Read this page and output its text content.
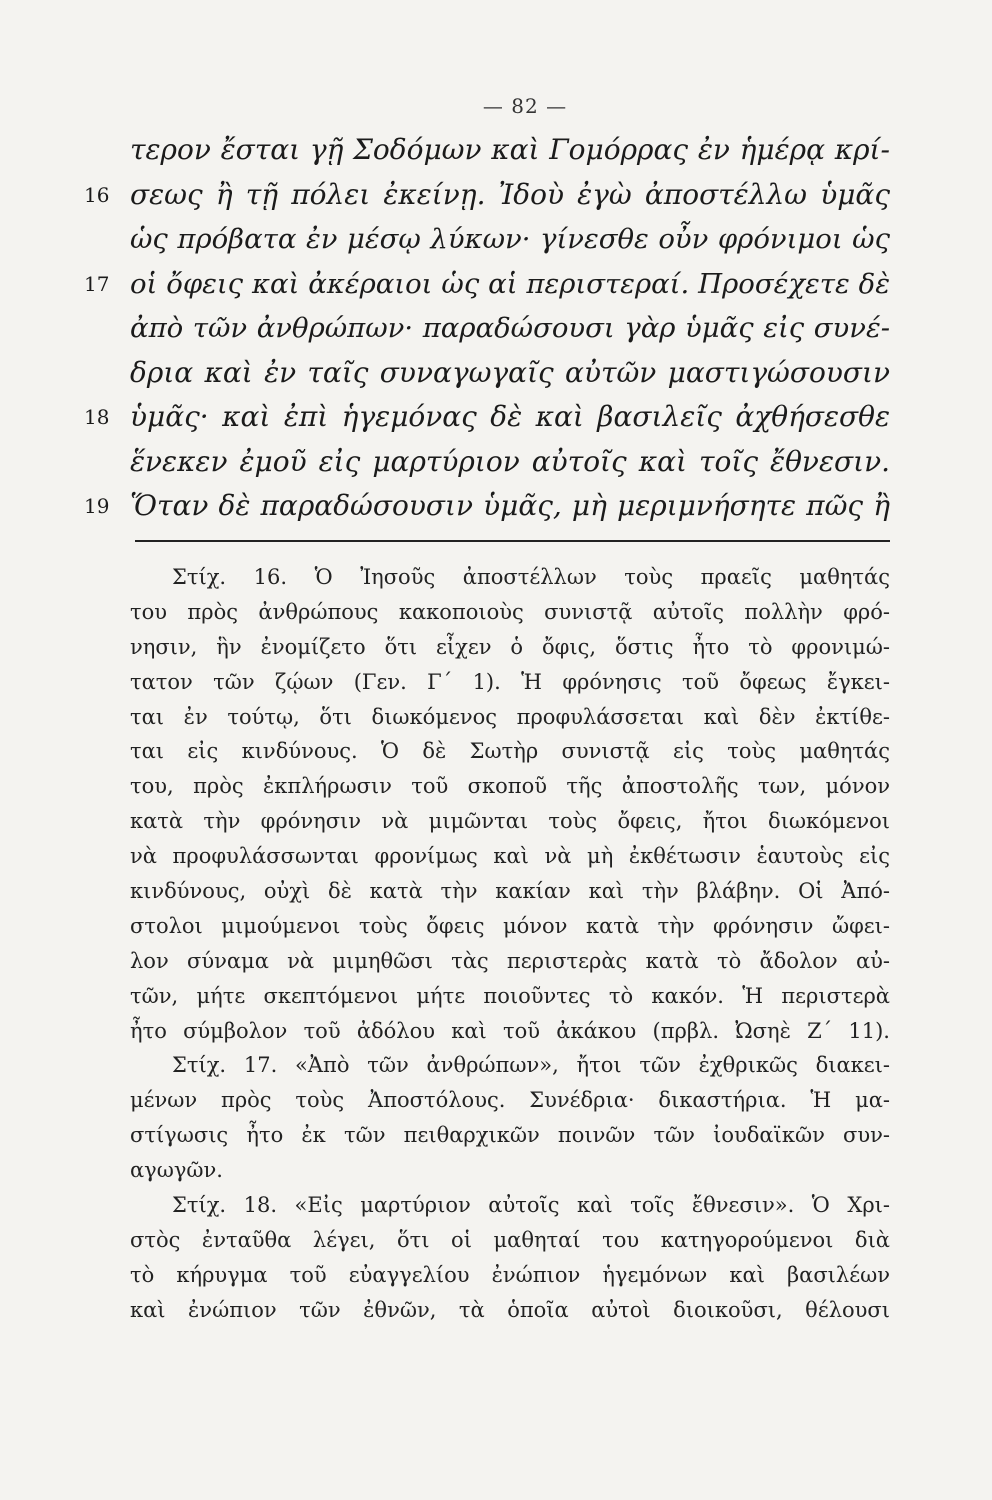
— 82 —
τερον ἔσται γῇ Σοδόμων καὶ Γομόρρας ἐν ἡμέρᾳ κρί-
16 σεως ἢ τῇ πόλει ἐκείνῃ. Ἰδοὺ ἐγὼ ἀποστέλλω ὑμᾶς
ὡς πρόβατα ἐν μέσῳ λύκων· γίνεσθε οὖν φρόνιμοι ὡς
17 οἱ ὄφεις καὶ ἀκέραιοι ὡς αἱ περιστεραί. Προσέχετε δὲ
ἀπὸ τῶν ἀνθρώπων· παραδώσουσι γὰρ ὑμᾶς εἰς συνέ-
δρια καὶ ἐν ταῖς συναγωγαῖς αὐτῶν μαστιγώσουσιν
18 ὑμᾶς· καὶ ἐπὶ ἡγεμόνας δὲ καὶ βασιλεῖς ἀχθήσεσθε
ἕνεκεν ἐμοῦ εἰς μαρτύριον αὐτοῖς καὶ τοῖς ἔθνεσιν.
19 Ὅταν δὲ παραδώσουσιν ὑμᾶς, μὴ μεριμνήσητε πῶς ἢ
Στίχ. 16. Ὁ Ἰησοῦς ἀποστέλλων τοὺς πραεῖς μαθητάς
του πρὸς ἀνθρώπους κακοποιοὺς συνιστᾷ αὐτοῖς πολλὴν φρό-
νησιν, ἣν ἐνομίζετο ὅτι εἶχεν ὁ ὄφις, ὅστις ἦτο τὸ φρονιμώ-
τατον τῶν ζῴων (Γεν. Γ´ 1). Ἡ φρόνησις τοῦ ὄφεως ἔγκει-
ται ἐν τούτῳ, ὅτι διωκόμενος προφυλάσσεται καὶ δὲν ἐκτίθε-
ται εἰς κινδύνους. Ὁ δὲ Σωτὴρ συνιστᾷ εἰς τοὺς μαθητάς
του, πρὸς ἐκπλήρωσιν τοῦ σκοποῦ τῆς ἀποστολῆς των, μόνον
κατὰ τὴν φρόνησιν νὰ μιμῶνται τοὺς ὄφεις, ἤτοι διωκόμενοι
νὰ προφυλάσσωνται φρονίμως καὶ νὰ μὴ ἐκθέτωσιν ἑαυτοὺς εἰς
κινδύνους, οὐχὶ δὲ κατὰ τὴν κακίαν καὶ τὴν βλάβην. Οἱ Ἀπό-
στολοι μιμούμενοι τοὺς ὄφεις μόνον κατὰ τὴν φρόνησιν ὤφει-
λον σύναμα νὰ μιμηθῶσι τὰς περιστερὰς κατὰ τὸ ἄδολον αὐ-
τῶν, μήτε σκεπτόμενοι μήτε ποιοῦντες τὸ κακόν. Ἡ περιστερὰ
ἦτο σύμβολον τοῦ ἀδόλου καὶ τοῦ ἀκάκου (πρβλ. Ὠσηὲ Ζ´ 11).
Στίχ. 17. «Ἀπὸ τῶν ἀνθρώπων», ἤτοι τῶν ἐχθρικῶς διακει-
μένων πρὸς τοὺς Ἀποστόλους. Συνέδρια· δικαστήρια. Ἡ μα-
στίγωσις ἦτο ἐκ τῶν πειθαρχικῶν ποινῶν τῶν ἰουδαϊκῶν συν-
αγωγῶν.
Στίχ. 18. «Εἰς μαρτύριον αὐτοῖς καὶ τοῖς ἔθνεσιν». Ὁ Χρι-
στὸς ἐνταῦθα λέγει, ὅτι οἱ μαθηταί του κατηγορούμενοι διὰ
τὸ κήρυγμα τοῦ εὐαγγελίου ἐνώπιον ἡγεμόνων καὶ βασιλέων
καὶ ἐνώπιον τῶν ἐθνῶν, τὰ ὁποῖα αὐτοὶ διοικοῦσι, θέλουσι
